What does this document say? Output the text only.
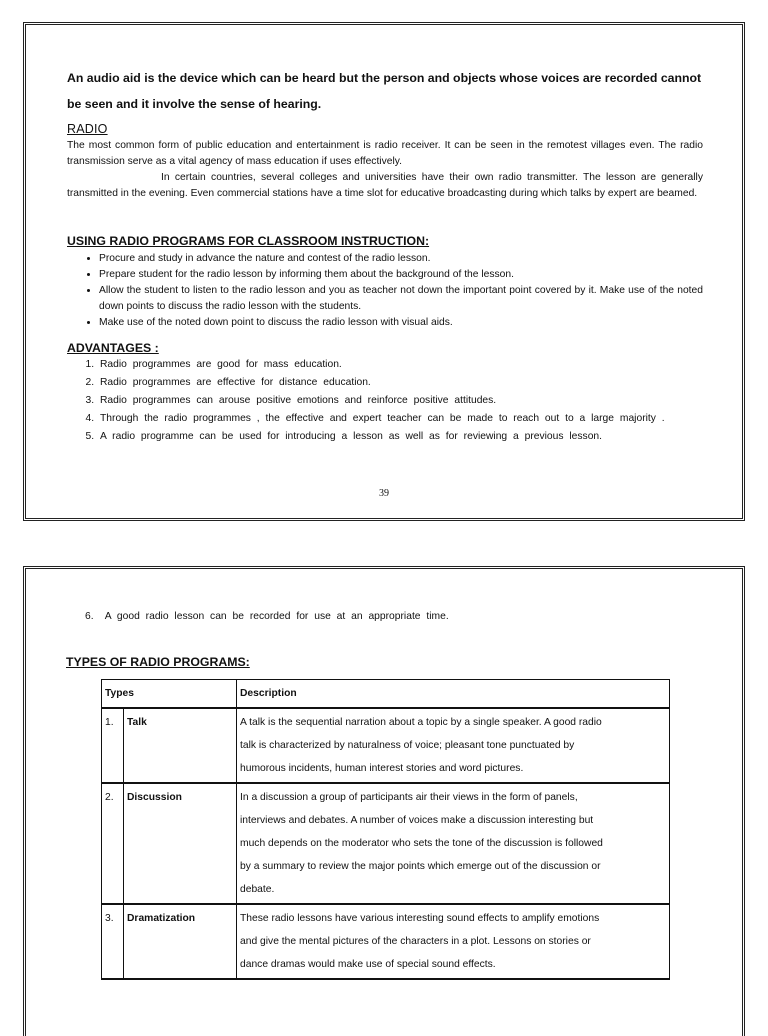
An audio aid is the device which can be heard but the person and objects whose voices are recorded cannot be seen and it involve the sense of hearing.
RADIO
The most common form of public education and entertainment is radio receiver. It can be seen in the remotest villages even. The radio transmission serve as a vital agency of mass education if uses effectively.
In certain countries, several colleges and universities have their own radio transmitter. The lesson are generally transmitted in the evening. Even commercial stations have a time slot for educative broadcasting during which talks by expert are beamed.
USING RADIO PROGRAMS FOR CLASSROOM INSTRUCTION:
• Procure and study in advance the nature and contest of the radio lesson.
• Prepare student for the radio lesson by informing them about the background of the lesson.
• Allow the student to listen to the radio lesson and you as teacher not down the important point covered by it. Make use of the noted down points to discuss the radio lesson with the students.
• Make use of the noted down point to discuss the radio lesson with visual aids.
ADVANTAGES :
1. Radio programmes are good for mass education.
2. Radio programmes are effective for distance education.
3. Radio programmes can arouse positive emotions and reinforce positive attitudes.
4. Through the radio programmes , the effective and expert teacher can be made to reach out to a large majority .
5. A radio programme can be used for introducing a lesson as well as for reviewing a previous lesson.
39
6. A good radio lesson can be recorded for use at an appropriate time.
TYPES OF RADIO PROGRAMS:
Types		Description
1.	Talk	A talk is the sequential narration about a topic by a single speaker. A good radio
talk is characterized by naturalness of voice; pleasant tone punctuated by
humorous incidents, human interest stories and word pictures.

2.	Discussion	In a discussion a group of participants air their views in the form of panels,
interviews and debates. A number of voices make a discussion interesting but
much depends on the moderator who sets the tone of the discussion is followed
by a summary to review the major points which emerge out of the discussion or
debate.

3.	Dramatization	These radio lessons have various interesting sound effects to amplify emotions
and give the mental pictures of the characters in a plot. Lessons on stories or
dance dramas would make use of special sound effects.
